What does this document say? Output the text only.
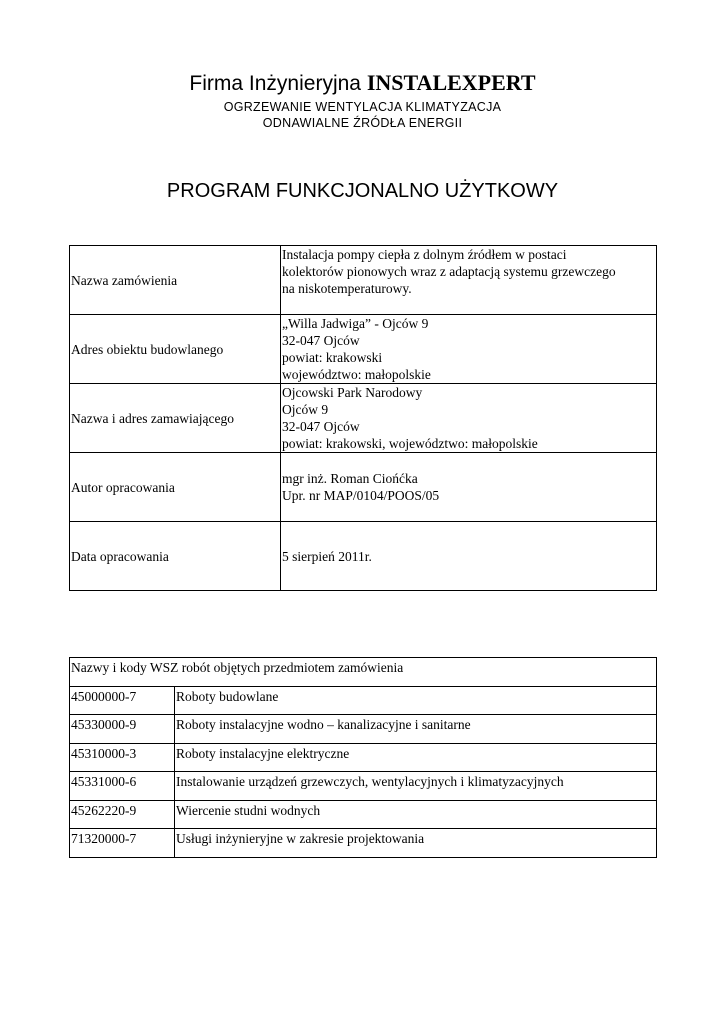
Firma Inżynieryjna INSTALEXPERT
OGRZEWANIE WENTYLACJA KLIMATYZACJA
ODNAWIALNE ŹRÓDŁA ENERGII
PROGRAM FUNKCJONALNO UŻYTKOWY
Nazwa zamówienia	Instalacja pompy ciepła z dolnym źródłem w postaci
kolektorów pionowych wraz z adaptacją systemu grzewczego
na niskotemperaturowy.

Adres obiektu budowlanego	„Willa Jadwiga” - Ojców 9
32-047 Ojców
powiat: krakowski
województwo: małopolskie

Nazwa i adres zamawiającego	Ojcowski Park Narodowy
Ojców 9
32-047 Ojców
powiat: krakowski, województwo: małopolskie

Autor opracowania	mgr inż. Roman Ciońćka
Upr. nr MAP/0104/POOS/05

Data opracowania	5 sierpień 2011r.
Nazwy i kody WSZ robót objętych przedmiotem zamówienia	
45000000-7	Roboty budowlane
45330000-9	Roboty instalacyjne wodno – kanalizacyjne i sanitarne
45310000-3	Roboty instalacyjne elektryczne
45331000-6	Instalowanie urządzeń grzewczych, wentylacyjnych i klimatyzacyjnych
45262220-9	Wiercenie studni wodnych
71320000-7	Usługi inżynieryjne w zakresie projektowania
